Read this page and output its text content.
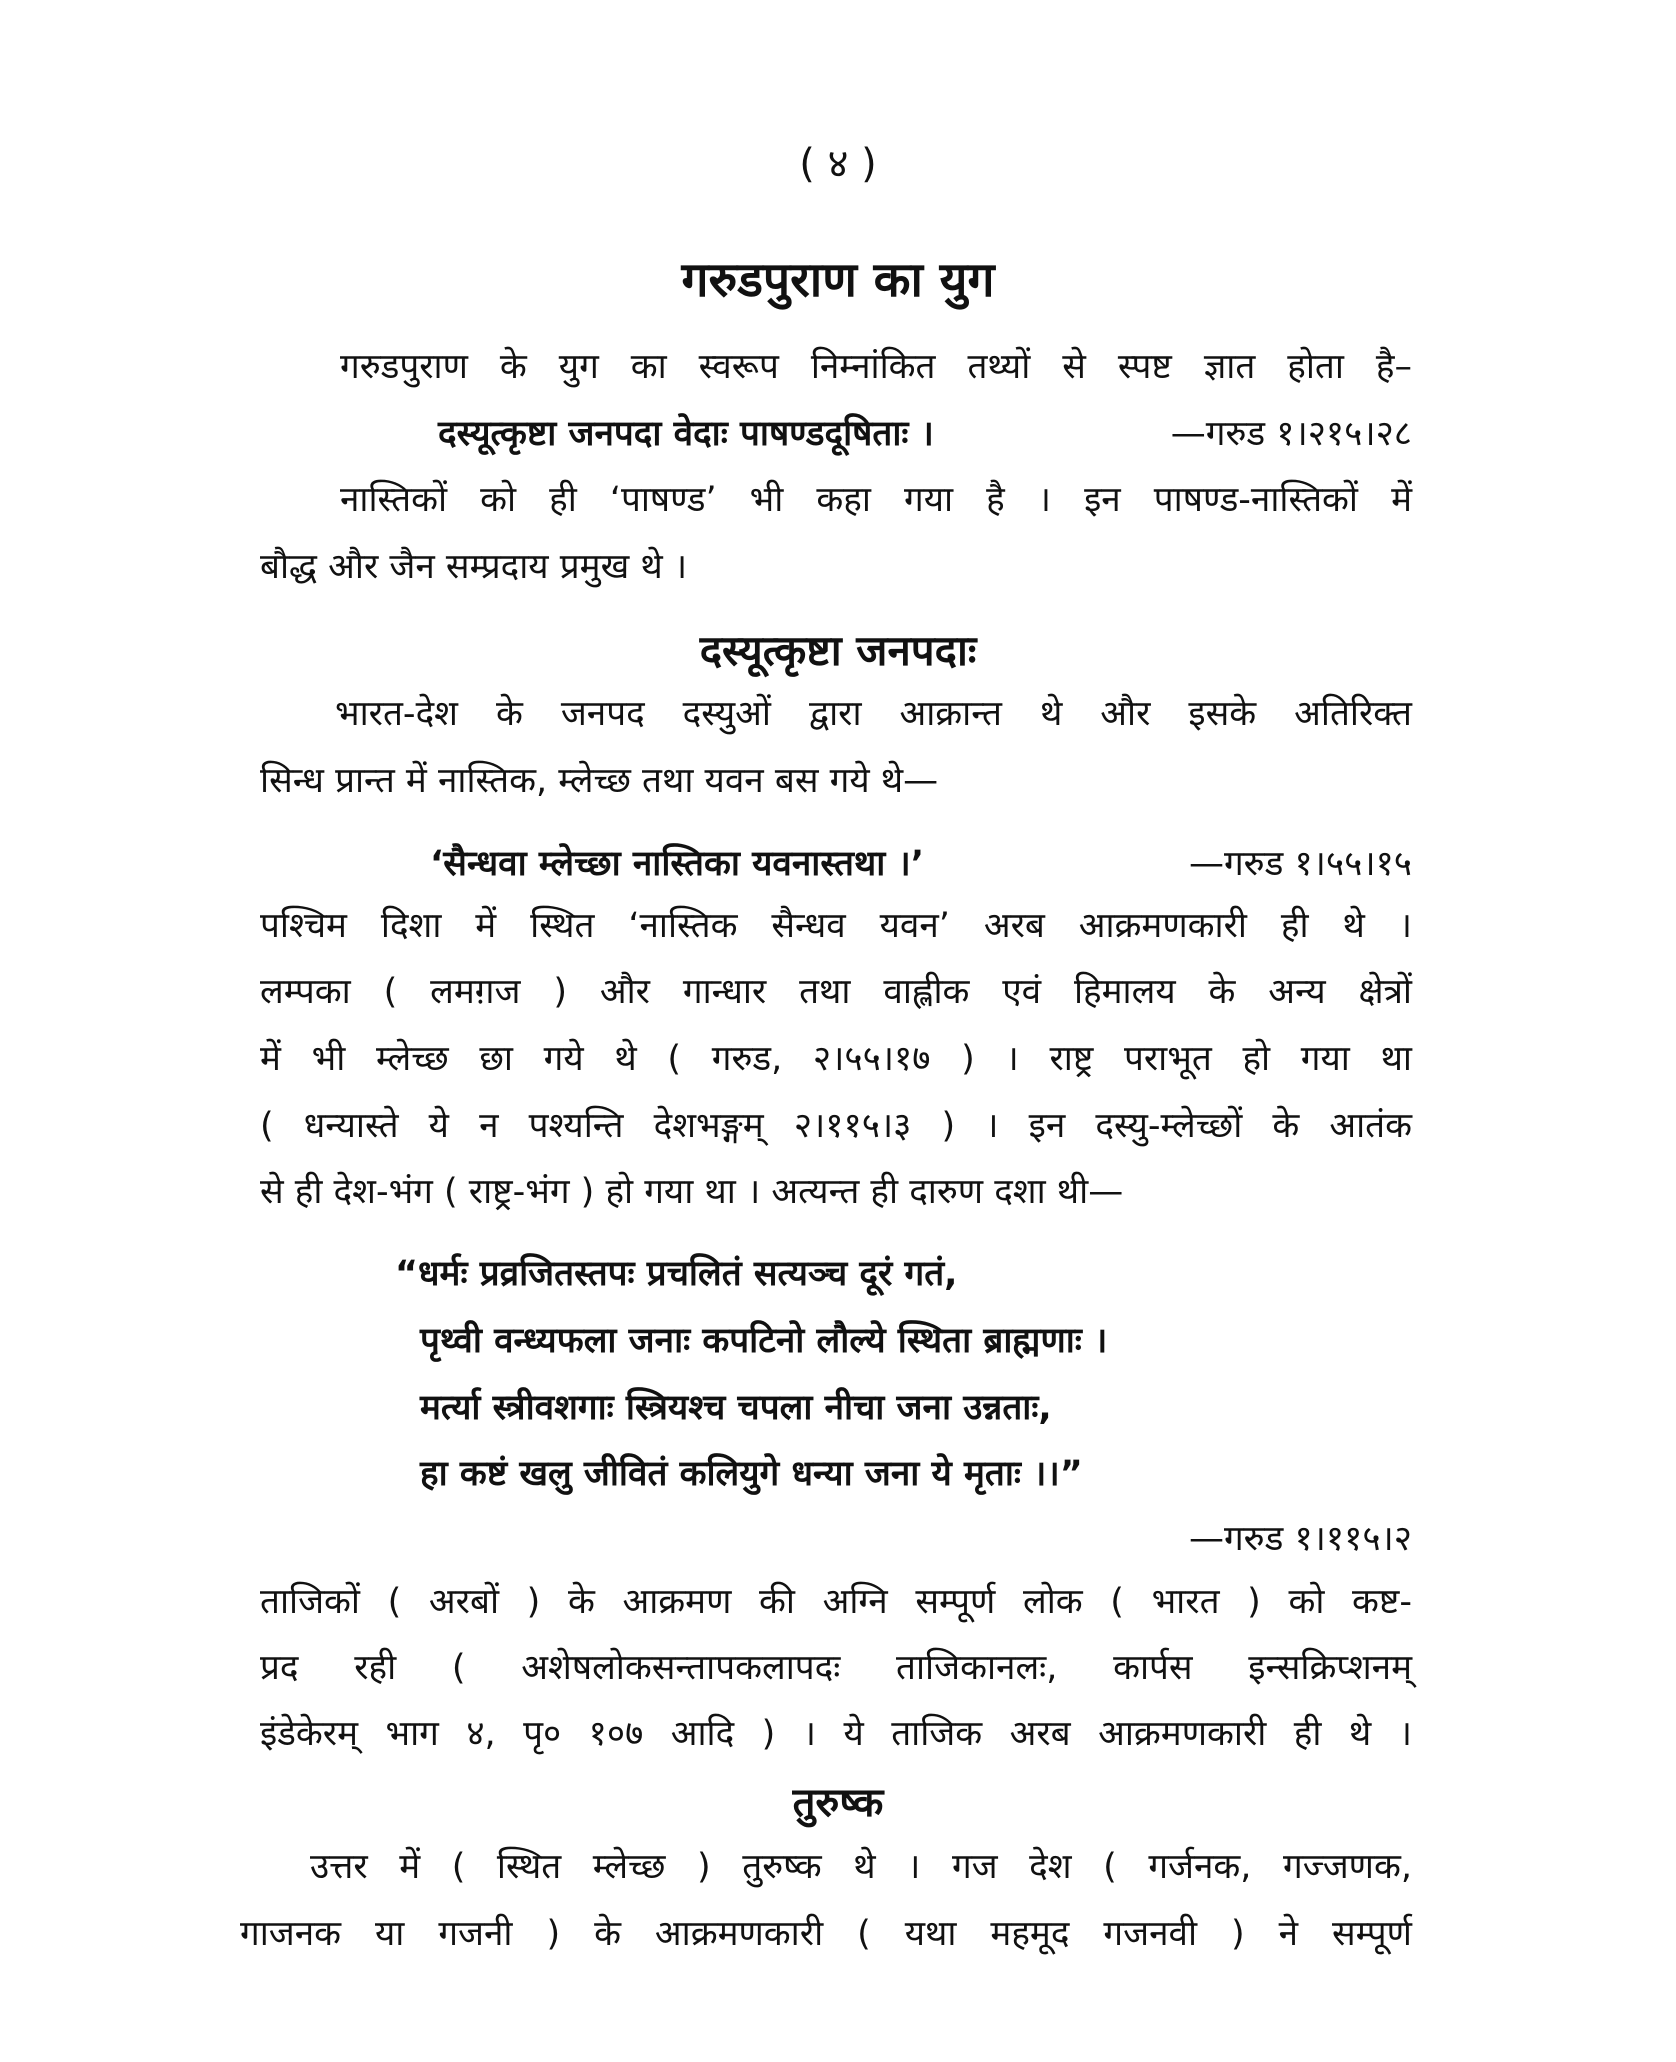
( ४ )
गरुडपुराण का युग
गरुडपुराण के युग का स्वरूप निम्नांकित तथ्यों से स्पष्ट ज्ञात होता है–
दस्यूत्कृष्टा जनपदा वेदाः पाषण्डदूषिताः ।	—गरुड १।२१५।२८
नास्तिकों को ही ‘पाषण्ड’ भी कहा गया है । इन पाषण्ड-नास्तिकों में
बौद्ध और जैन सम्प्रदाय प्रमुख थे ।
दस्यूत्कृष्टा जनपदाः
भारत-देश के जनपद दस्युओं द्वारा आक्रान्त थे और इसके अतिरिक्त
सिन्ध प्रान्त में नास्तिक, म्लेच्छ तथा यवन बस गये थे—
‘सैन्धवा म्लेच्छा नास्तिका यवनास्तथा ।’	—गरुड १।५५।१५
पश्चिम दिशा में स्थित ‘नास्तिक सैन्धव यवन’ अरब आक्रमणकारी ही थे ।
लम्पका ( लमग़ज ) और गान्धार तथा वाह्लीक एवं हिमालय के अन्य क्षेत्रों
में भी म्लेच्छ छा गये थे ( गरुड, २।५५।१७ ) । राष्ट्र पराभूत हो गया था
( धन्यास्ते ये न पश्यन्ति देशभङ्गम् २।११५।३ ) । इन दस्यु-म्लेच्छों के आतंक
से ही देश-भंग ( राष्ट्र-भंग ) हो गया था । अत्यन्त ही दारुण दशा थी—
“धर्मः प्रव्रजितस्तपः प्रचलितं सत्यञ्च दूरं गतं,
पृथ्वी वन्ध्यफला जनाः कपटिनो लौल्ये स्थिता ब्राह्मणाः ।
मर्त्या स्त्रीवशगाः स्त्रियश्च चपला नीचा जना उन्नताः,
हा कष्टं खलु जीवितं कलियुगे धन्या जना ये मृताः ।।”
—गरुड १।११५।२
ताजिकों ( अरबों ) के आक्रमण की अग्नि सम्पूर्ण लोक ( भारत ) को कष्ट-
प्रद रही ( अशेषलोकसन्तापकलापदः ताजिकानलः, कार्पस इन्सक्रिप्शनम्
इंडेकेरम् भाग ४, पृ० १०७ आदि ) । ये ताजिक अरब आक्रमणकारी ही थे ।
तुरुष्क
उत्तर में ( स्थित म्लेच्छ ) तुरुष्क थे । गज देश ( गर्जनक, गज्जणक,
गाजनक या गजनी ) के आक्रमणकारी ( यथा महमूद गजनवी ) ने सम्पूर्ण
